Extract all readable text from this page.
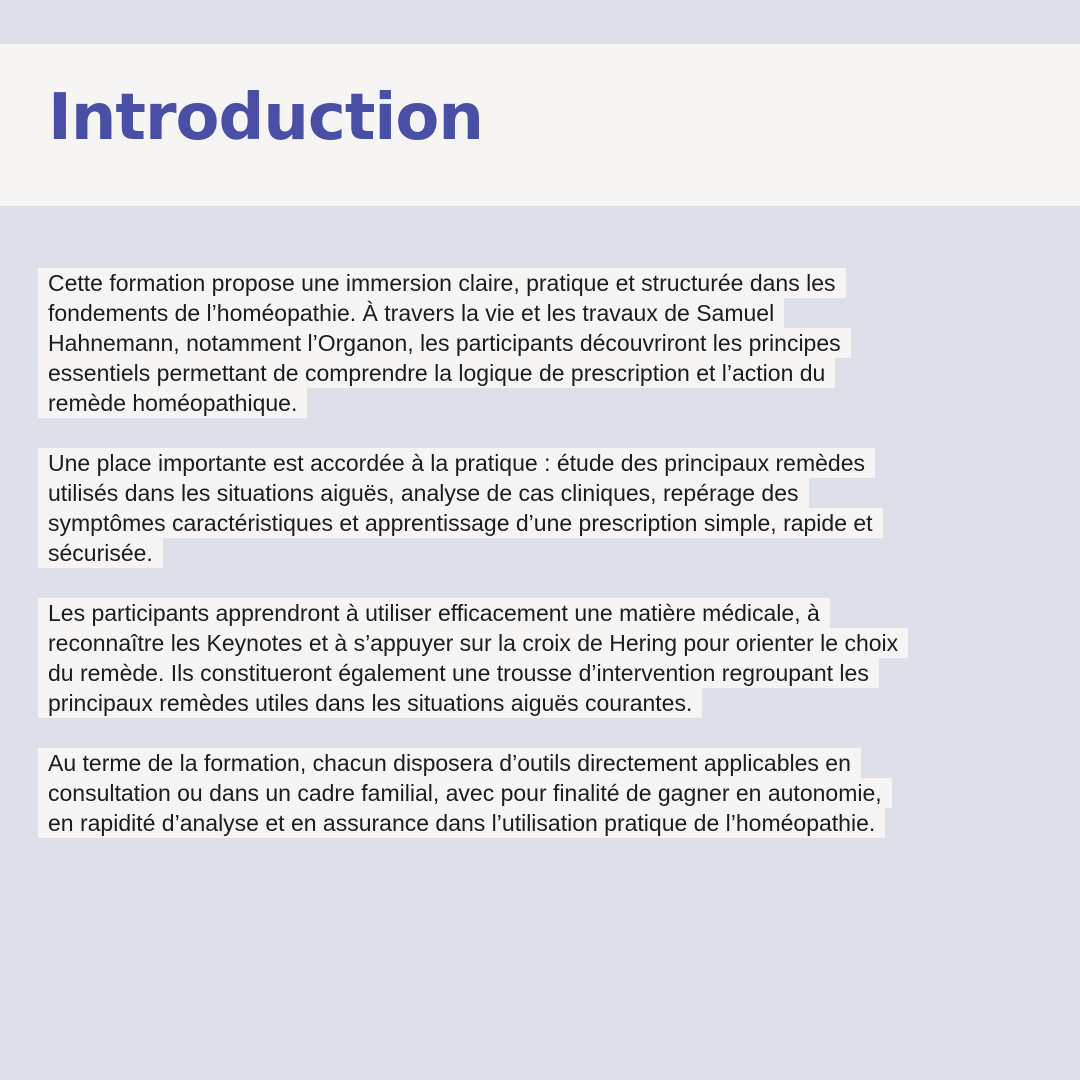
Introduction

Cette formation propose une immersion claire, pratique et structurée dans les
fondements de l’homéopathie. À travers la vie et les travaux de Samuel
Hahnemann, notamment l’Organon, les participants découvriront les principes
essentiels permettant de comprendre la logique de prescription et l’action du
remède homéopathique.

Une place importante est accordée à la pratique : étude des principaux remèdes
utilisés dans les situations aiguës, analyse de cas cliniques, repérage des
symptômes caractéristiques et apprentissage d’une prescription simple, rapide et
sécurisée.

Les participants apprendront à utiliser efficacement une matière médicale, à
reconnaître les Keynotes et à s’appuyer sur la croix de Hering pour orienter le choix
du remède. Ils constitueront également une trousse d’intervention regroupant les
principaux remèdes utiles dans les situations aiguës courantes.

Au terme de la formation, chacun disposera d’outils directement applicables en
consultation ou dans un cadre familial, avec pour finalité de gagner en autonomie,
en rapidité d’analyse et en assurance dans l’utilisation pratique de l’homéopathie.
